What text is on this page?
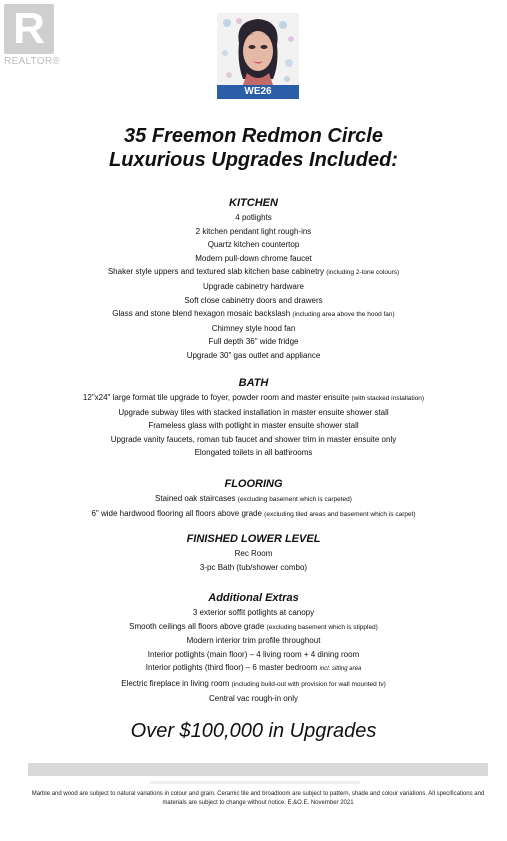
R
REALTOR®
WE26
35 Freemon Redmon Circle
Luxurious Upgrades Included:
KITCHEN
4 potlights
2 kitchen pendant light rough-ins
Quartz kitchen countertop
Modern pull-down chrome faucet
Shaker style uppers and textured slab kitchen base cabinetry (including 2-tone colours)
Upgrade cabinetry hardware
Soft close cabinetry doors and drawers
Glass and stone blend hexagon mosaic backslash (including area above the hood fan)
Chimney style hood fan
Full depth 36" wide fridge
Upgrade 30" gas outlet and appliance
BATH
12"x24" large format tile upgrade to foyer, powder room and master ensuite (with stacked installation)
Upgrade subway tiles with stacked installation in master ensuite shower stall
Frameless glass with potlight in master ensuite shower stall
Upgrade vanity faucets, roman tub faucet and shower trim in master ensuite only
Elongated toilets in all bathrooms
FLOORING
Stained oak staircases (excluding basement which is carpeted)
6" wide hardwood flooring all floors above grade (excluding tiled areas and basement which is carpet)
FINISHED LOWER LEVEL
Rec Room
3-pc Bath (tub/shower combo)
Additional Extras
3 exterior soffit potlights at canopy
Smooth ceilings all floors above grade (excluding basement which is stippled)
Modern interior trim profile throughout
Interior potlights (main floor) – 4 living room + 4 dining room
Interior potlights (third floor) – 6 master bedroom incl. sitting area
Electric fireplace in living room (including build-out with provision for wall mounted tv)
Central vac rough-in only
Over $100,000 in Upgrades
Marble and wood are subject to natural variations in colour and grain. Ceramic tile and broadloom are subject to pattern, shade and colour variations. All specifications and materials are subject to change without notice. E.&O.E. November 2021
